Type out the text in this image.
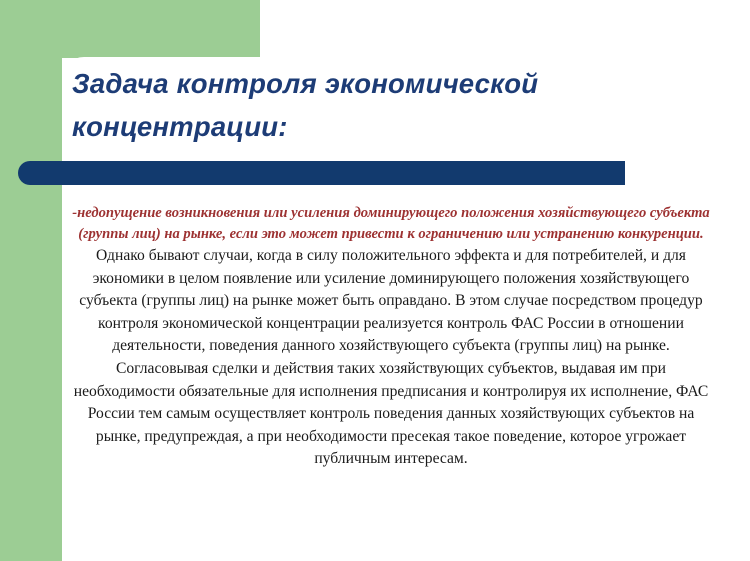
Задача контроля экономической
концентрации:

-недопущение возникновения или усиления доминирующего положения хозяйствующего субъекта (группы лиц) на рынке, если это может привести к ограничению или устранению конкуренции.

Однако бывают случаи, когда в силу положительного эффекта и для потребителей, и для экономики в целом появление или усиление доминирующего положения хозяйствующего субъекта (группы лиц) на рынке может быть оправдано. В этом случае посредством процедур контроля экономической концентрации реализуется контроль ФАС России в отношении деятельности, поведения данного хозяйствующего субъекта (группы лиц) на рынке. Согласовывая сделки и действия таких хозяйствующих субъектов, выдавая им при необходимости обязательные для исполнения предписания и контролируя их исполнение, ФАС России тем самым осуществляет контроль поведения данных хозяйствующих субъектов на рынке, предупреждая, а при необходимости пресекая такое поведение, которое угрожает публичным интересам.
